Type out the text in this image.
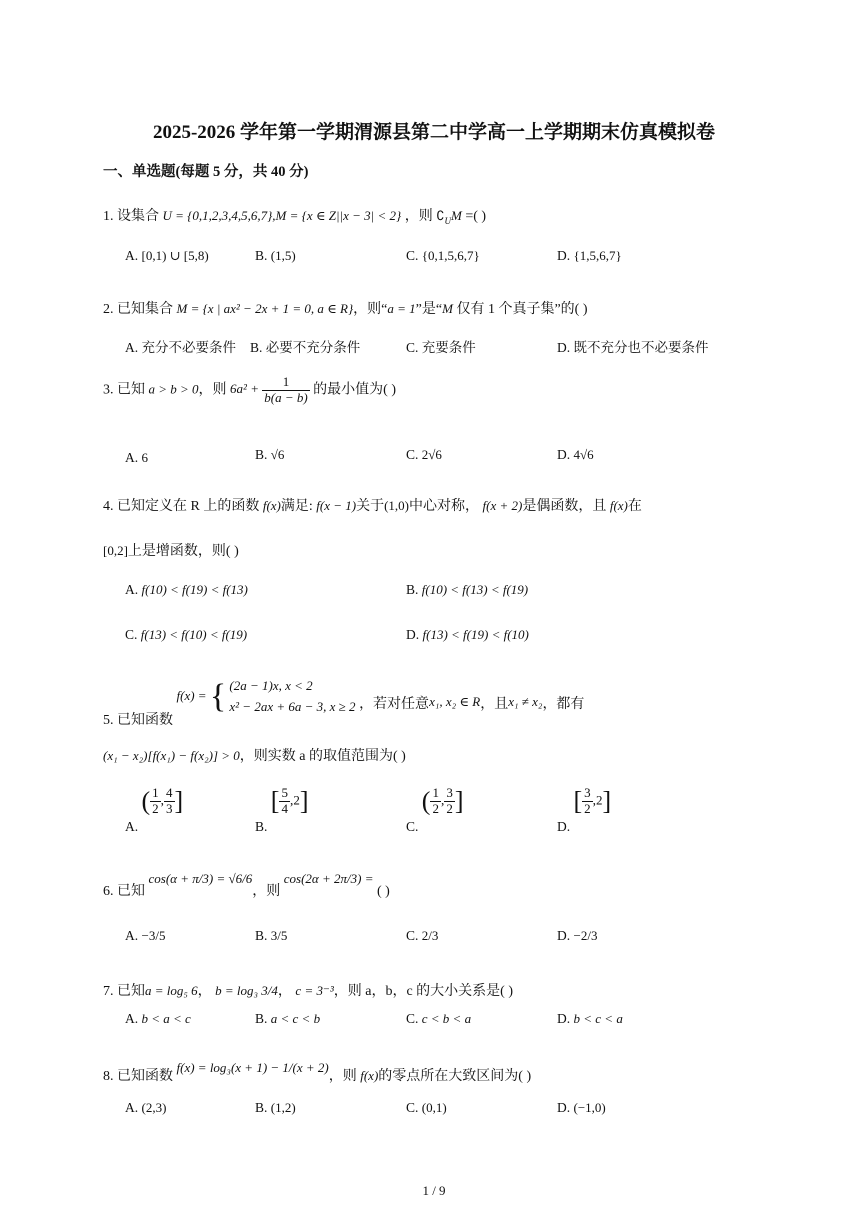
2025-2026 学年第一学期渭源县第二中学高一上学期期末仿真模拟卷
一、单选题(每题 5 分，共 40 分)
1. 设集合 U = {0,1,2,3,4,5,6,7},M = {x ∈ Z||x − 3| < 2} ，则 $∁_UM$ =( )
A. [0,1) ∪ [5,8)	B. (1,5)	C. {0,1,5,6,7}	D. {1,5,6,7}
2. 已知集合 M = {x | ax² − 2x + 1 = 0, a ∈ R}，则“a = 1”是“M 仅有 1 个真子集”的( )
A. 充分不必要条件 B. 必要不充分条件	C. 充要条件	D. 既不充分也不必要条件
3. 已知 a > b > 0，则 $6a^2 + \frac{1}{b(a - b)}$ 的最小值为( )
A. 6	B. √6	C. 2√6	D. 4√6
4. 已知定义在 R 上的函数 f(x)满足: f(x − 1)关于(1,0)中心对称， f(x + 2)是偶函数，且 f(x)在
[0,2]上是增函数，则( )
A. f(10) < f(19) < f(13)	B. f(10) < f(13) < f(19)
C. f(13) < f(10) < f(19)	D. f(13) < f(19) < f(10)
5. 已知函数 f(x) = { (2a − 1)x, x < 2
x² − 2ax + 6a − 3, x ≥ 2 ，若对任意x₁, x₂ ∈ R，且x₁ ≠ x₂，都有
(x₁ − x₂)[f(x₁) − f(x₂)] > 0，则实数 a 的取值范围为( )
A. ( $\frac{1}{2}$ , $\frac{4}{3}$ ]
B. [ $\frac{5}{4} ,2$]
C. ( $\frac{1}{2}$ , $\frac{3}{2}$ ]
D. [ $\frac{3}{2} ,2$]
6. 已知 cos(α + π/3) = √6/6，则 cos(2α + 2π/3) = ( )
A. −3/5	B. 3/5	C. 2/3	D. −2/3
7. 已知a = log₅ 6， b = log₃ 3/4， c = 3⁻³，则 a，b，c 的大小关系是( )
A. b < a < c	B. a < c < b	C. c < b < a	D. b < c < a
8. 已知函数 f(x) = log₃(x + 1) − 1/(x + 2)，则 f(x)的零点所在大致区间为( )
A. (2,3)	B. (1,2)	C. (0,1)	D. (−1,0)
1 / 9
